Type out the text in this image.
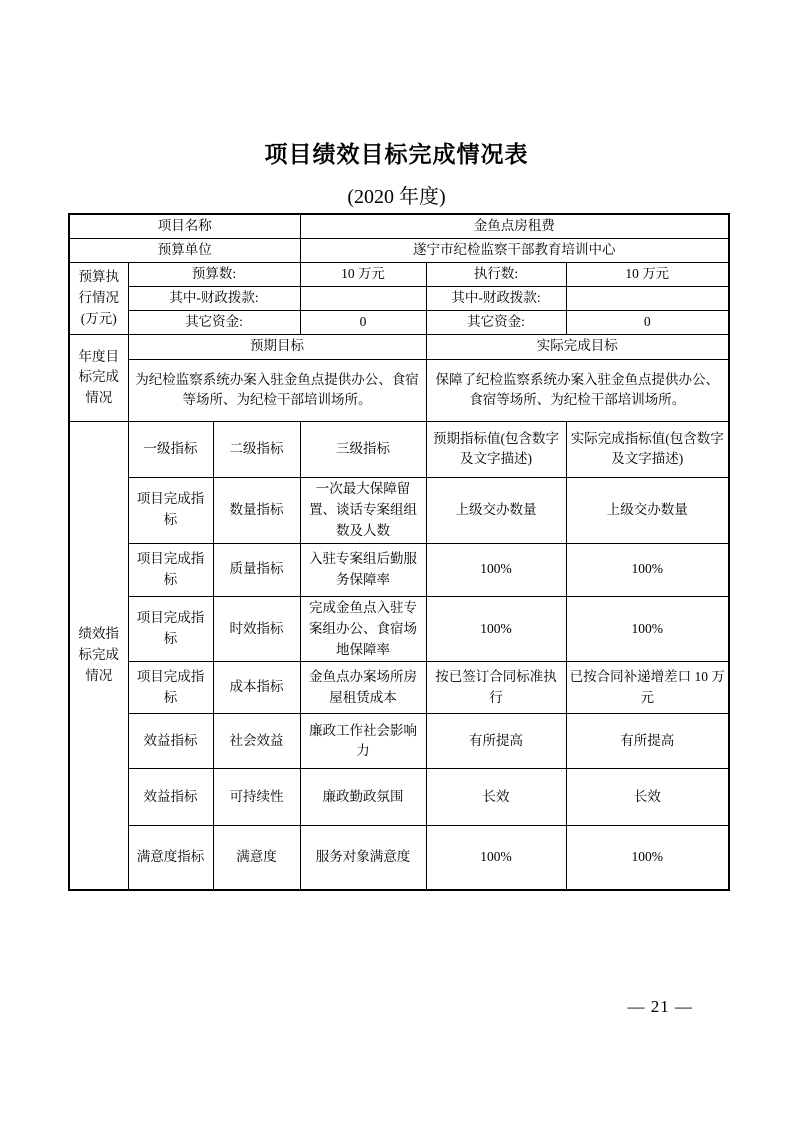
项目绩效目标完成情况表
(2020 年度)
项目名称			金鱼点房租费		
预算单位			遂宁市纪检监察干部教育培训中心		
预算执行情况(万元)	预算数:		10 万元	执行数:	10 万元
	其中-财政拨款:			其中-财政拨款:	
	其它资金:		0	其它资金:	0
年度目标完成情况	预期目标			实际完成目标	
	为纪检监察系统办案入驻金鱼点提供办公、食宿等场所、为纪检干部培训场所。			保障了纪检监察系统办案入驻金鱼点提供办公、食宿等场所、为纪检干部培训场所。	
绩效指标完成情况	一级指标	二级指标	三级指标	预期指标值(包含数字及文字描述)	实际完成指标值(包含数字及文字描述)
	项目完成指标	数量指标	一次最大保障留置、谈话专案组组数及人数	上级交办数量	上级交办数量
	项目完成指标	质量指标	入驻专案组后勤服务保障率	100%	100%
	项目完成指标	时效指标	完成金鱼点入驻专案组办公、食宿场地保障率	100%	100%
	项目完成指标	成本指标	金鱼点办案场所房屋租赁成本	按已签订合同标准执行	已按合同补递增差口 10 万元
	效益指标	社会效益	廉政工作社会影响力	有所提高	有所提高
	效益指标	可持续性	廉政勤政氛围	长效	长效
	满意度指标	满意度	服务对象满意度	100%	100%
— 21 —
